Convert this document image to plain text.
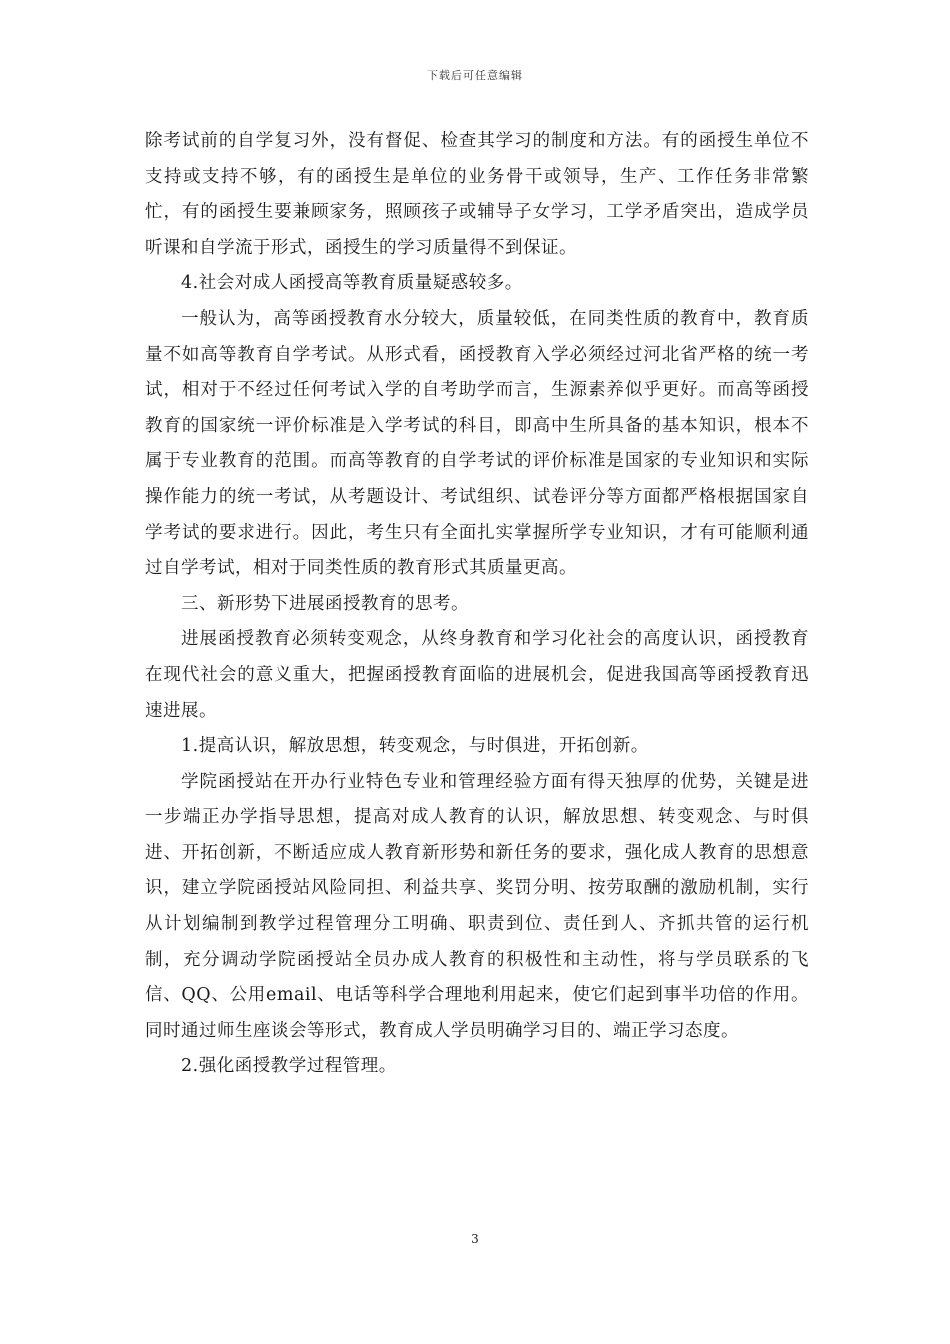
下载后可任意编辑

除考试前的自学复习外，没有督促、检查其学习的制度和方法。有的函授生单位不支持或支持不够，有的函授生是单位的业务骨干或领导，生产、工作任务非常繁忙，有的函授生要兼顾家务，照顾孩子或辅导子女学习，工学矛盾突出，造成学员听课和自学流于形式，函授生的学习质量得不到保证。

4.社会对成人函授高等教育质量疑惑较多。

一般认为，高等函授教育水分较大，质量较低，在同类性质的教育中，教育质量不如高等教育自学考试。从形式看，函授教育入学必须经过河北省严格的统一考试，相对于不经过任何考试入学的自考助学而言，生源素养似乎更好。而高等函授教育的国家统一评价标准是入学考试的科目，即高中生所具备的基本知识，根本不属于专业教育的范围。而高等教育的自学考试的评价标准是国家的专业知识和实际操作能力的统一考试，从考题设计、考试组织、试卷评分等方面都严格根据国家自学考试的要求进行。因此，考生只有全面扎实掌握所学专业知识，才有可能顺利通过自学考试，相对于同类性质的教育形式其质量更高。

三、新形势下进展函授教育的思考。

进展函授教育必须转变观念，从终身教育和学习化社会的高度认识，函授教育在现代社会的意义重大，把握函授教育面临的进展机会，促进我国高等函授教育迅速进展。

1.提高认识，解放思想，转变观念，与时俱进，开拓创新。

学院函授站在开办行业特色专业和管理经验方面有得天独厚的优势，关键是进一步端正办学指导思想，提高对成人教育的认识，解放思想、转变观念、与时俱进、开拓创新，不断适应成人教育新形势和新任务的要求，强化成人教育的思想意识，建立学院函授站风险同担、利益共享、奖罚分明、按劳取酬的激励机制，实行从计划编制到教学过程管理分工明确、职责到位、责任到人、齐抓共管的运行机制，充分调动学院函授站全员办成人教育的积极性和主动性，将与学员联系的飞信、QQ、公用email、电话等科学合理地利用起来，使它们起到事半功倍的作用。同时通过师生座谈会等形式，教育成人学员明确学习目的、端正学习态度。

2.强化函授教学过程管理。

3
